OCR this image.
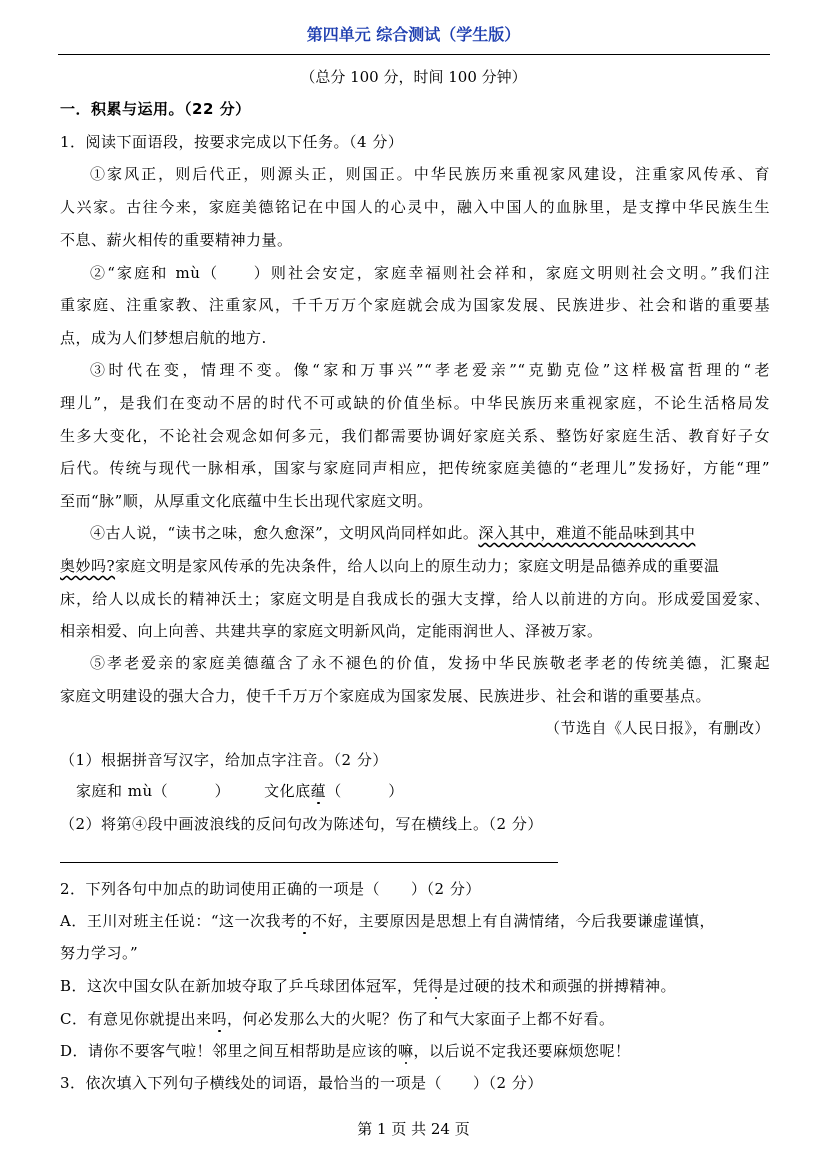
第四单元 综合测试（学生版）
（总分 100 分，时间 100 分钟）
一．积累与运用。（22 分）
1．阅读下面语段，按要求完成以下任务。（4 分）
①家风正，则后代正，则源头正，则国正。中华民族历来重视家风建设，注重家风传承、育
人兴家。古往今来，家庭美德铭记在中国人的心灵中，融入中国人的血脉里，是支撑中华民族生生
不息、薪火相传的重要精神力量。
②“家庭和 mù（　　）则社会安定，家庭幸福则社会祥和，家庭文明则社会文明。”我们注
重家庭、注重家教、注重家风，千千万万个家庭就会成为国家发展、民族进步、社会和谐的重要基
点，成为人们梦想启航的地方.
③时代在变，情理不变。像“家和万事兴”“孝老爱亲”“克勤克俭”这样极富哲理的“老
理儿”，是我们在变动不居的时代不可或缺的价值坐标。中华民族历来重视家庭，不论生活格局发
生多大变化，不论社会观念如何多元，我们都需要协调好家庭关系、整饬好家庭生活、教育好子女
后代。传统与现代一脉相承，国家与家庭同声相应，把传统家庭美德的“老理儿”发扬好，方能“理”
至而“脉”顺，从厚重文化底蕴中生长出现代家庭文明。
④古人说，“读书之味，愈久愈深”，文明风尚同样如此。深入其中，难道不能品味到其中
奥妙吗?家庭文明是家风传承的先决条件，给人以向上的原生动力；家庭文明是品德养成的重要温
床，给人以成长的精神沃土；家庭文明是自我成长的强大支撑，给人以前进的方向。形成爱国爱家、
相亲相爱、向上向善、共建共享的家庭文明新风尚，定能雨润世人、泽被万家。
⑤孝老爱亲的家庭美德蕴含了永不褪色的价值，发扬中华民族敬老孝老的传统美德，汇聚起
家庭文明建设的强大合力，使千千万万个家庭成为国家发展、民族进步、社会和谐的重要基点。
（节选自《人民日报》，有删改）
（1）根据拼音写汉字，给加点字注音。（2 分）
家庭和 mù（　　　） 文化底蕴（　　　）
（2）将第④段中画波浪线的反问句改为陈述句，写在横线上。（2 分）
2．下列各句中加点的助词使用正确的一项是（　　）（2 分）
A．王川对班主任说：“这一次我考的不好，主要原因是思想上有自满情绪，今后我要谦虚谨慎，
努力学习。”
B．这次中国女队在新加坡夺取了乒乓球团体冠军，凭得是过硬的技术和顽强的拼搏精神。
C．有意见你就提出来吗，何必发那么大的火呢？伤了和气大家面子上都不好看。
D．请你不要客气啦！邻里之间互相帮助是应该的嘛，以后说不定我还要麻烦您呢！
3．依次填入下列句子横线处的词语，最恰当的一项是（　　）（2 分）
第 1 页 共 24 页
